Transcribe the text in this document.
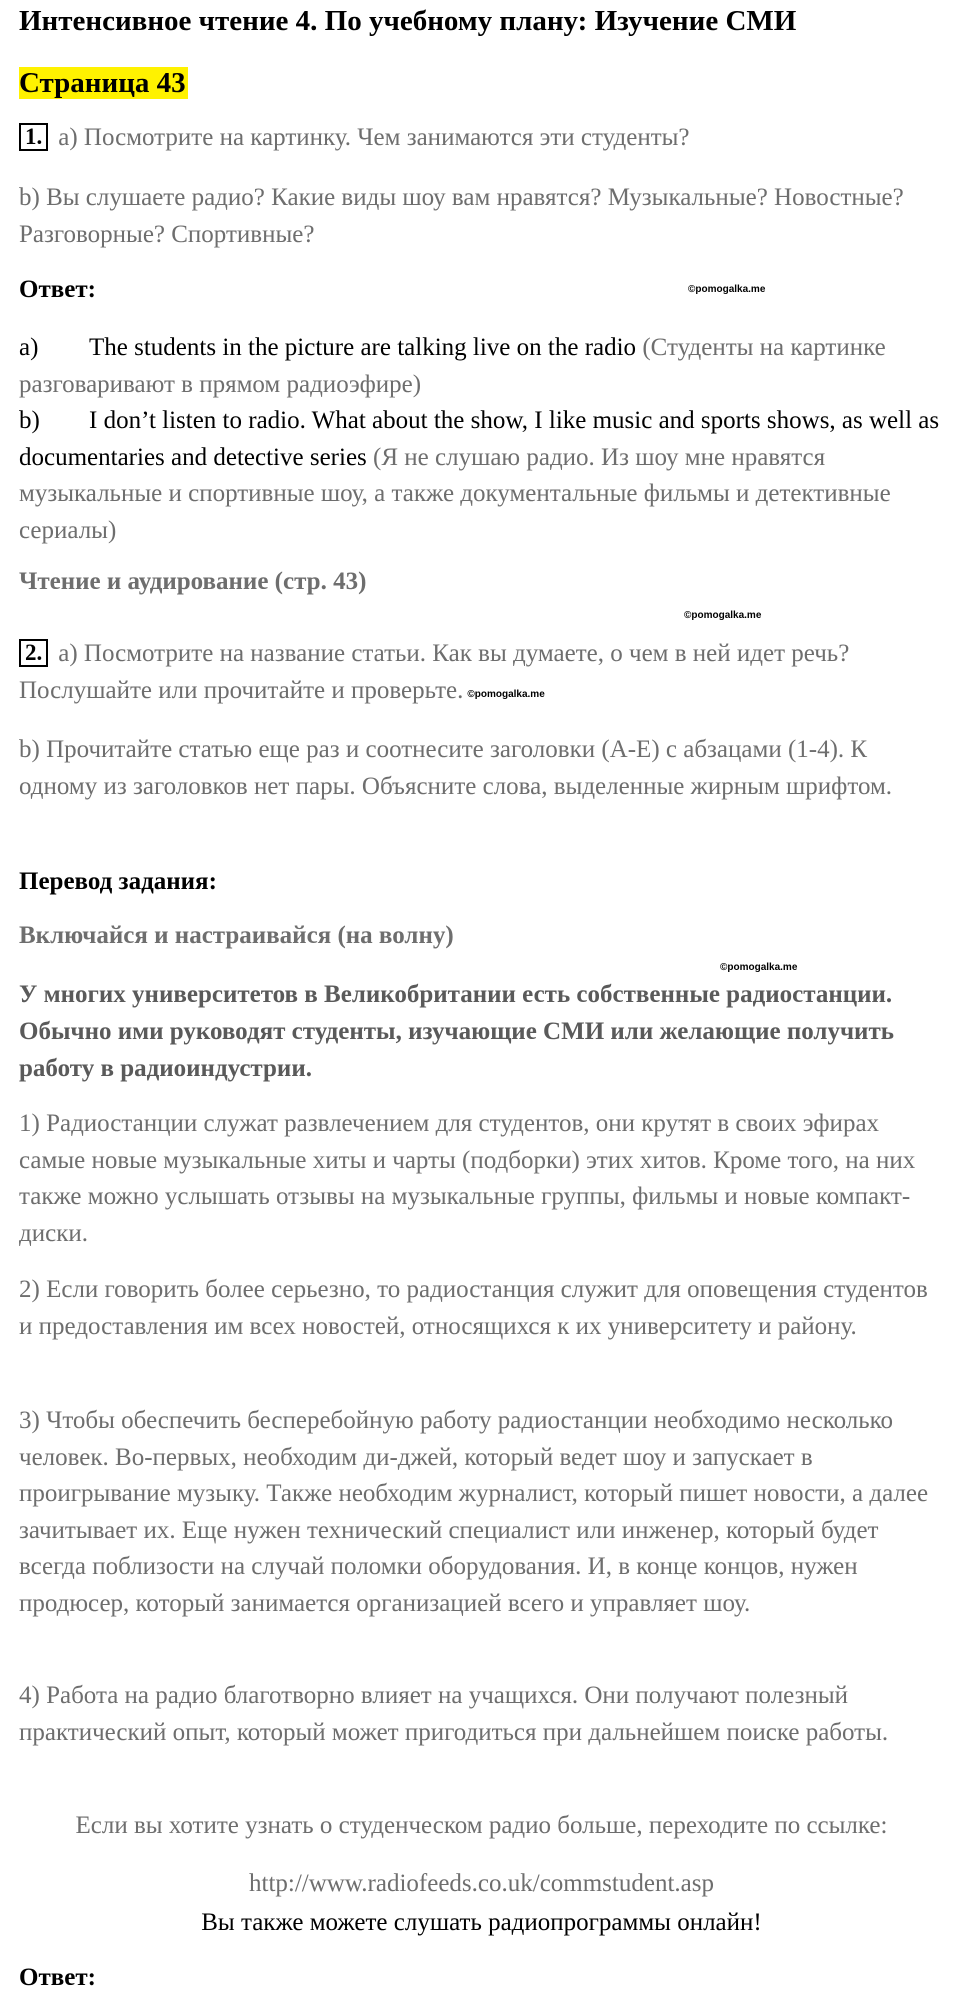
Интенсивное чтение 4. По учебному плану: Изучение СМИ
Страница 43

1. a) Посмотрите на картинку. Чем занимаются эти студенты?

b) Вы слушаете радио? Какие виды шоу вам нравятся? Музыкальные? Новостные? Разговорные? Спортивные?

Ответ:	©pomogalka.me
a) The students in the picture are talking live on the radio (Студенты на картинке разговаривают в прямом радиоэфире)
b) I don’t listen to radio. What about the show, I like music and sports shows, as well as documentaries and detective series (Я не слушаю радио. Из шоу мне нравятся музыкальные и спортивные шоу, а также документальные фильмы и детективные сериалы)

Чтение и аудирование (стр. 43)

©pomogalka.me

2. a) Посмотрите на название статьи. Как вы думаете, о чем в ней идет речь? Послушайте или прочитайте и проверьте. ©pomogalka.me

b) Прочитайте статью еще раз и соотнесите заголовки (A-E) с абзацами (1-4). К одному из заголовков нет пары. Объясните слова, выделенные жирным шрифтом.

Перевод задания:

Включайся и настраивайся (на волну)

©pomogalka.me

У многих университетов в Великобритании есть собственные радиостанции. Обычно ими руководят студенты, изучающие СМИ или желающие получить работу в радиоиндустрии.

1) Радиостанции служат развлечением для студентов, они крутят в своих эфирах самые новые музыкальные хиты и чарты (подборки) этих хитов. Кроме того, на них также можно услышать отзывы на музыкальные группы, фильмы и новые компакт-диски.

2) Если говорить более серьезно, то радиостанция служит для оповещения студентов и предоставления им всех новостей, относящихся к их университету и району.

3) Чтобы обеспечить бесперебойную работу радиостанции необходимо несколько человек. Во-первых, необходим ди-джей, который ведет шоу и запускает в проигрывание музыку. Также необходим журналист, который пишет новости, а далее зачитывает их. Еще нужен технический специалист или инженер, который будет всегда поблизости на случай поломки оборудования. И, в конце концов, нужен продюсер, который занимается организацией всего и управляет шоу.

4) Работа на радио благотворно влияет на учащихся. Они получают полезный практический опыт, который может пригодиться при дальнейшем поиске работы.

Если вы хотите узнать о студенческом радио больше, переходите по ссылке:

http://www.radiofeeds.co.uk/commstudent.asp

Вы также можете слушать радиопрограммы онлайн!

Ответ:
